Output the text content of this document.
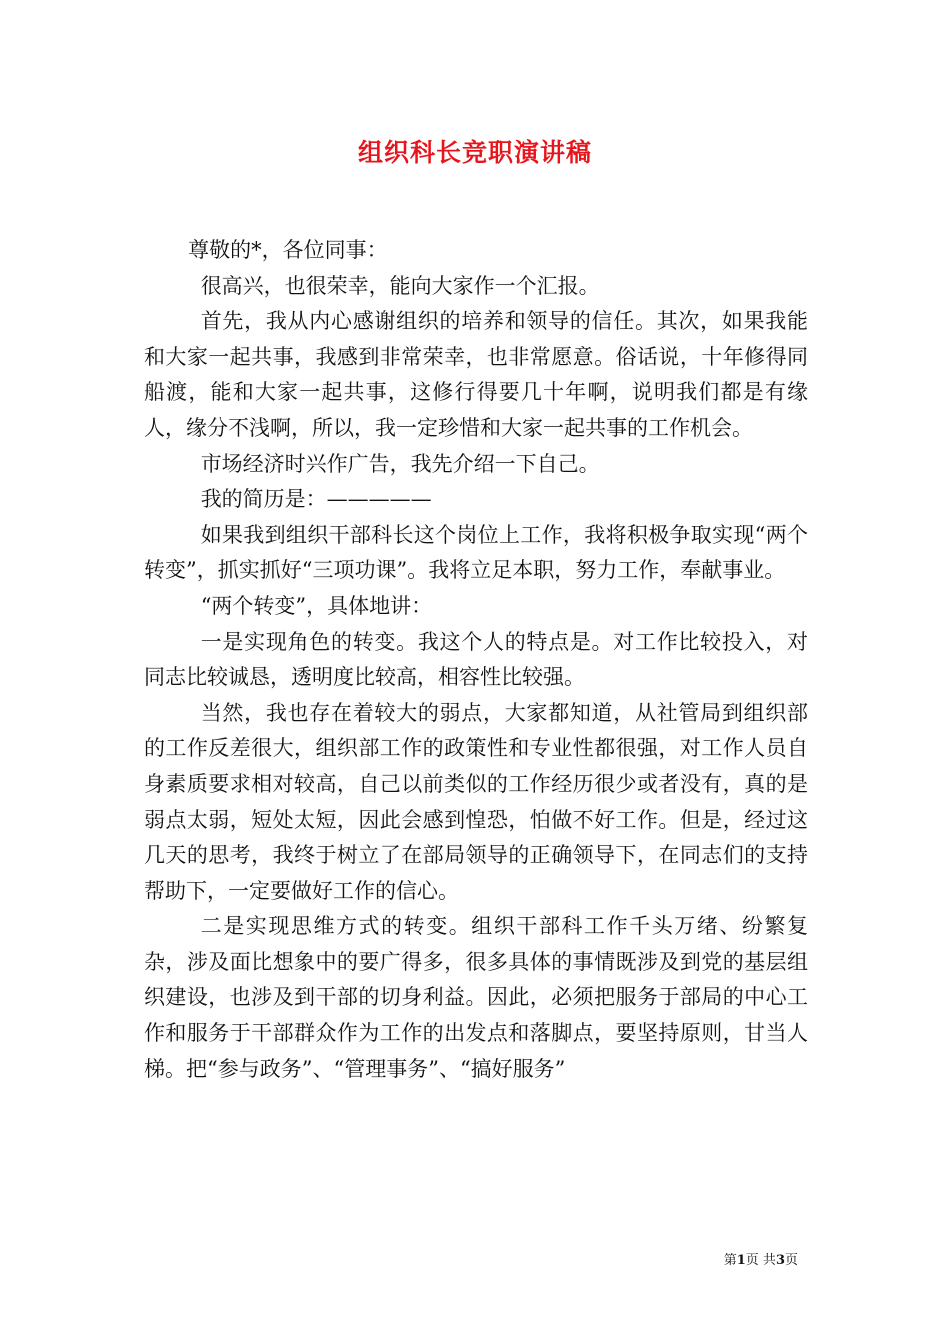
组织科长竞职演讲稿

尊敬的*，各位同事：

很高兴，也很荣幸，能向大家作一个汇报。

首先，我从内心感谢组织的培养和领导的信任。其次，如果我能和大家一起共事，我感到非常荣幸，也非常愿意。俗话说，十年修得同船渡，能和大家一起共事，这修行得要几十年啊，说明我们都是有缘人，缘分不浅啊，所以，我一定珍惜和大家一起共事的工作机会。

市场经济时兴作广告，我先介绍一下自己。

我的简历是：—————

如果我到组织干部科长这个岗位上工作，我将积极争取实现“两个转变”，抓实抓好“三项功课”。我将立足本职，努力工作，奉献事业。

“两个转变”，具体地讲：

一是实现角色的转变。我这个人的特点是。对工作比较投入，对同志比较诚恳，透明度比较高，相容性比较强。

当然，我也存在着较大的弱点，大家都知道，从社管局到组织部的工作反差很大，组织部工作的政策性和专业性都很强，对工作人员自身素质要求相对较高，自己以前类似的工作经历很少或者没有，真的是弱点太弱，短处太短，因此会感到惶恐，怕做不好工作。但是，经过这几天的思考，我终于树立了在部局领导的正确领导下，在同志们的支持帮助下，一定要做好工作的信心。

二是实现思维方式的转变。组织干部科工作千头万绪、纷繁复杂，涉及面比想象中的要广得多，很多具体的事情既涉及到党的基层组织建设，也涉及到干部的切身利益。因此，必须把服务于部局的中心工作和服务于干部群众作为工作的出发点和落脚点，要坚持原则，甘当人梯。把“参与政务”、“管理事务”、“搞好服务”

第1页 共3页
